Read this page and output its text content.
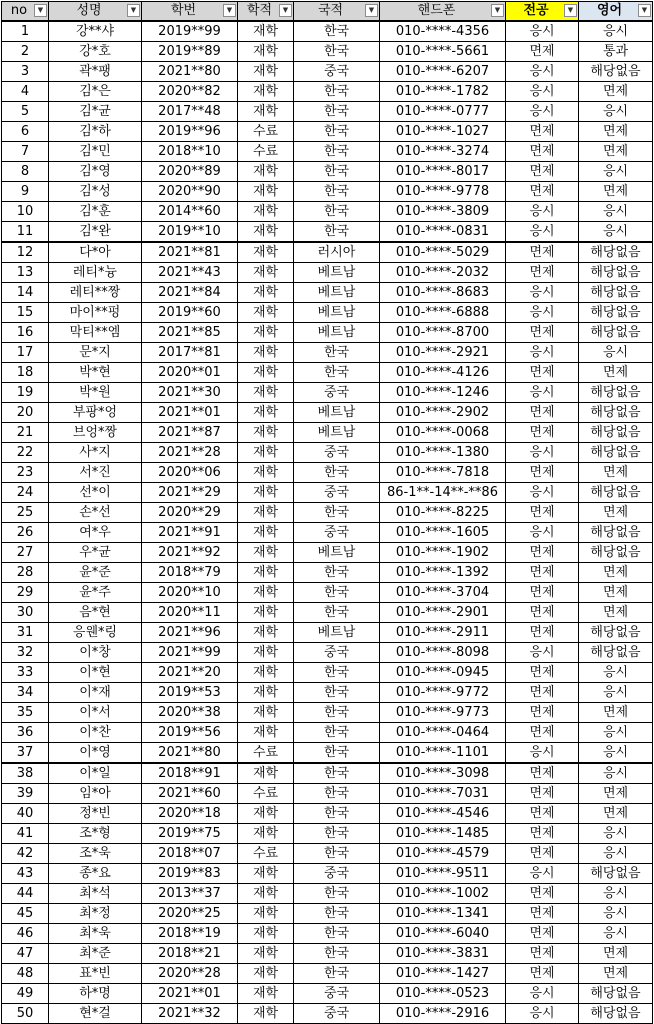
no ▼	성명 ▼	학번 ▼	학적 ▼	국적 ▼	핸드폰 ▼	전공 ▼	영어 ▼

1	강**샤	2019**99	재학	한국	010-****-4356	응시	응시
2	강*호	2019**89	재학	한국	010-****-5661	면제	통과
3	곽*팽	2021**80	재학	중국	010-****-6207	응시	해당없음
4	김*은	2020**82	재학	한국	010-****-1782	응시	면제
5	김*균	2017**48	재학	한국	010-****-0777	응시	응시
6	김*하	2019**96	수료	한국	010-****-1027	면제	면제
7	김*민	2018**10	수료	한국	010-****-3274	면제	면제
8	김*영	2020**89	재학	한국	010-****-8017	면제	응시
9	김*성	2020**90	재학	한국	010-****-9778	면제	면제
10	김*훈	2014**60	재학	한국	010-****-3809	응시	응시
11	김*완	2019**10	재학	한국	010-****-0831	응시	응시
12	다*아	2021**81	재학	러시아	010-****-5029	면제	해당없음
13	레티*늉	2021**43	재학	베트남	010-****-2032	면제	해당없음
14	레티**짱	2021**84	재학	베트남	010-****-8683	응시	해당없음
15	마이**펑	2019**60	재학	베트남	010-****-6888	응시	해당없음
16	막티**엠	2021**85	재학	베트남	010-****-8700	면제	해당없음
17	문*지	2017**81	재학	한국	010-****-2921	응시	응시
18	박*현	2020**01	재학	한국	010-****-4126	면제	면제
19	박*원	2021**30	재학	중국	010-****-1246	응시	해당없음
20	부팡*엉	2021**01	재학	베트남	010-****-2902	면제	해당없음
21	브엉*짱	2021**87	재학	베트남	010-****-0068	면제	해당없음
22	사*지	2021**28	재학	중국	010-****-1380	응시	해당없음
23	서*진	2020**06	재학	한국	010-****-7818	면제	면제
24	선*이	2021**29	재학	중국	86-1**-14**-**86	응시	해당없음
25	손*선	2020**29	재학	한국	010-****-8225	면제	면제
26	여*우	2021**91	재학	중국	010-****-1605	응시	해당없음
27	우*균	2021**92	재학	베트남	010-****-1902	면제	해당없음
28	윤*준	2018**79	재학	한국	010-****-1392	면제	면제
29	윤*주	2020**10	재학	한국	010-****-3704	면제	면제
30	음*현	2020**11	재학	한국	010-****-2901	면제	면제
31	응웬*링	2021**96	재학	베트남	010-****-2911	면제	해당없음
32	이*창	2021**99	재학	중국	010-****-8098	응시	해당없음
33	이*현	2021**20	재학	한국	010-****-0945	면제	응시
34	이*재	2019**53	재학	한국	010-****-9772	면제	응시
35	이*서	2020**38	재학	한국	010-****-9773	면제	면제
36	이*찬	2019**56	재학	한국	010-****-0464	면제	응시
37	이*영	2021**80	수료	한국	010-****-1101	응시	응시
38	이*일	2018**91	재학	한국	010-****-3098	면제	응시
39	임*아	2021**60	수료	한국	010-****-7031	면제	면제
40	정*빈	2020**18	재학	한국	010-****-4546	면제	면제
41	조*형	2019**75	재학	한국	010-****-1485	면제	응시
42	조*욱	2018**07	수료	한국	010-****-4579	면제	응시
43	종*요	2019**83	재학	중국	010-****-9511	응시	해당없음
44	최*석	2013**37	재학	한국	010-****-1002	면제	응시
45	최*정	2020**25	재학	한국	010-****-1341	면제	응시
46	최*욱	2018**19	재학	한국	010-****-6040	면제	응시
47	최*준	2018**21	재학	한국	010-****-3831	면제	면제
48	표*빈	2020**28	재학	한국	010-****-1427	면제	면제
49	하*명	2021**01	재학	중국	010-****-0523	응시	해당없음
50	현*걸	2021**32	재학	중국	010-****-2916	응시	해당없음
